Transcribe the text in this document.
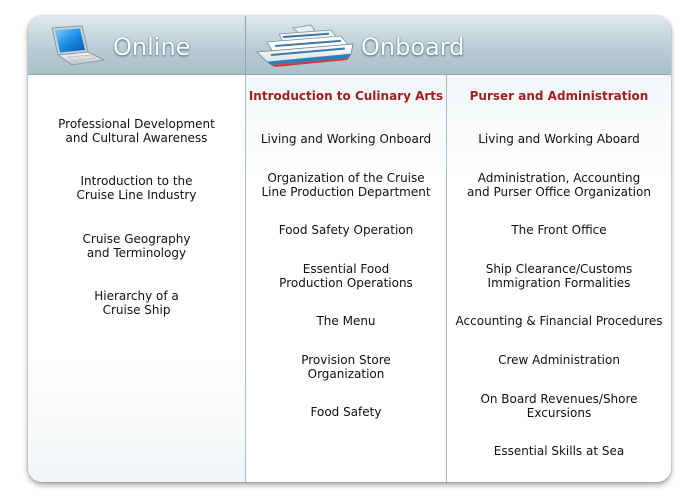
Online	Onboard
Professional Development
and Cultural Awareness
Introduction to the
Cruise Line Industry
Cruise Geography
and Terminology
Hierarchy of a
Cruise Ship
Introduction to Culinary Arts
Living and Working Onboard
Organization of the Cruise
Line Production Department
Food Safety Operation
Essential Food
Production Operations
The Menu
Provision Store
Organization
Food Safety
Purser and Administration
Living and Working Aboard
Administration, Accounting
and Purser Office Organization
The Front Office
Ship Clearance/Customs
Immigration Formalities
Accounting & Financial Procedures
Crew Administration
On Board Revenues/Shore
Excursions
Essential Skills at Sea
